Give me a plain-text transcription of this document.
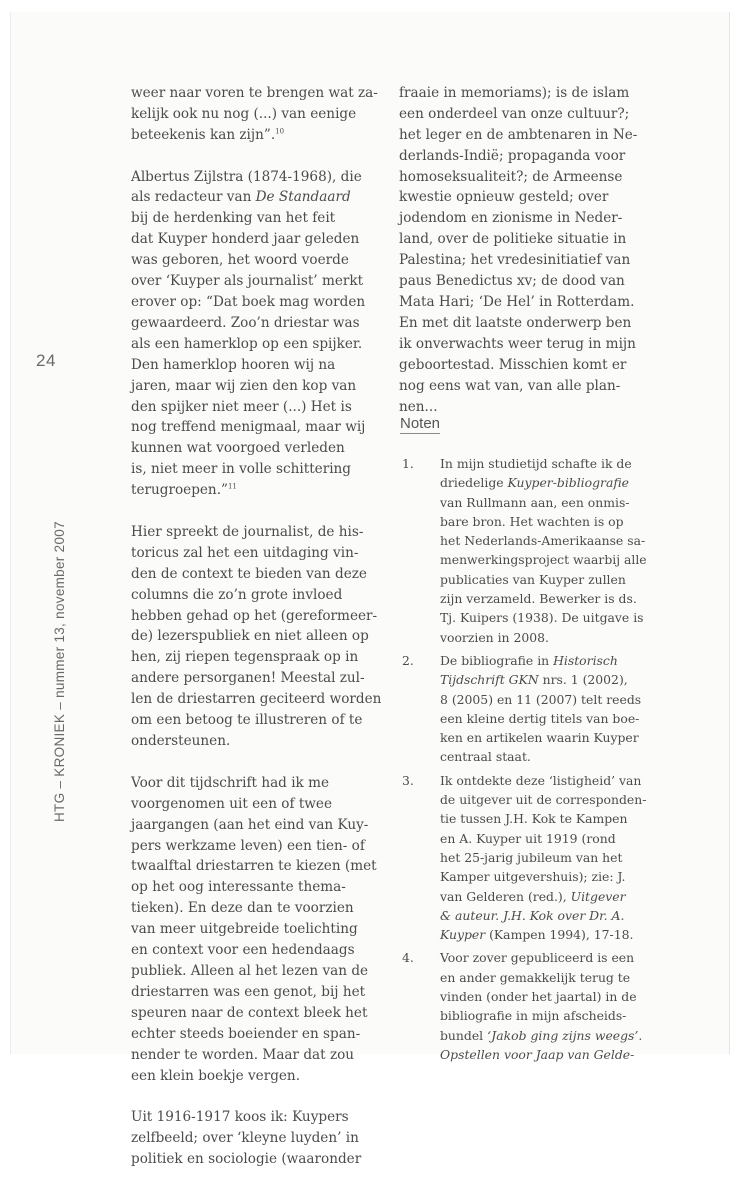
24
HTG – KRONIEK – nummer 13, november 2007

weer naar voren te brengen wat za-
kelijk ook nu nog (...) van eenige
beteekenis kan zijn”.$^{10}$

Albertus Zijlstra (1874-1968), die
als redacteur van De Standaard
bij de herdenking van het feit
dat Kuyper honderd jaar geleden
was geboren, het woord voerde
over ‘Kuyper als journalist’ merkt
erover op: “Dat boek mag worden
gewaardeerd. Zoo’n driestar was
als een hamerklop op een spijker.
Den hamerklop hooren wij na
jaren, maar wij zien den kop van
den spijker niet meer (...) Het is
nog treffend menigmaal, maar wij
kunnen wat voorgoed verleden
is, niet meer in volle schittering
terugroepen.”$^{11}$

Hier spreekt de journalist, de his-
toricus zal het een uitdaging vin-
den de context te bieden van deze
columns die zo’n grote invloed
hebben gehad op het (gereformeer-
de) lezerspubliek en niet alleen op
hen, zij riepen tegenspraak op in
andere persorganen! Meestal zul-
len de driestarren geciteerd worden
om een betoog te illustreren of te
ondersteunen.

Voor dit tijdschrift had ik me
voorgenomen uit een of twee
jaargangen (aan het eind van Kuy-
pers werkzame leven) een tien- of
twaalftal driestarren te kiezen (met
op het oog interessante thema-
tieken). En deze dan te voorzien
van meer uitgebreide toelichting
en context voor een hedendaags
publiek. Alleen al het lezen van de
driestarren was een genot, bij het
speuren naar de context bleek het
echter steeds boeiender en span-
nender te worden. Maar dat zou
een klein boekje vergen.

Uit 1916-1917 koos ik: Kuypers
zelfbeeld; over ‘kleyne luyden’ in
politiek en sociologie (waaronder

fraaie in memoriams); is de islam
een onderdeel van onze cultuur?;
het leger en de ambtenaren in Ne-
derlands-Indië; propaganda voor
homoseksualiteit?; de Armeense
kwestie opnieuw gesteld; over
jodendom en zionisme in Neder-
land, over de politieke situatie in
Palestina; het vredesinitiatief van
paus Benedictus xv; de dood van
Mata Hari; ‘De Hel’ in Rotterdam.
En met dit laatste onderwerp ben
ik onverwachts weer terug in mijn
geboortestad. Misschien komt er
nog eens wat van, van alle plan-
nen...

Noten
1.	In mijn studietijd schafte ik de
driedelige Kuyper-bibliografie
van Rullmann aan, een onmis-
bare bron. Het wachten is op
het Nederlands-Amerikaanse sa-
menwerkingsproject waarbij alle
publicaties van Kuyper zullen
zijn verzameld. Bewerker is ds.
Tj. Kuipers (1938). De uitgave is
voorzien in 2008.
2.	De bibliografie in Historisch
Tijdschrift GKN nrs. 1 (2002),
8 (2005) en 11 (2007) telt reeds
een kleine dertig titels van boe-
ken en artikelen waarin Kuyper
centraal staat.
3.	Ik ontdekte deze ‘listigheid’ van
de uitgever uit de corresponden-
tie tussen J.H. Kok te Kampen
en A. Kuyper uit 1919 (rond
het 25-jarig jubileum van het
Kamper uitgevershuis); zie: J.
van Gelderen (red.), Uitgever
& auteur. J.H. Kok over Dr. A.
Kuyper (Kampen 1994), 17-18.
4.	Voor zover gepubliceerd is een
en ander gemakkelijk terug te
vinden (onder het jaartal) in de
bibliografie in mijn afscheids-
bundel ‘Jakob ging zijns weegs’.
Opstellen voor Jaap van Gelde-
